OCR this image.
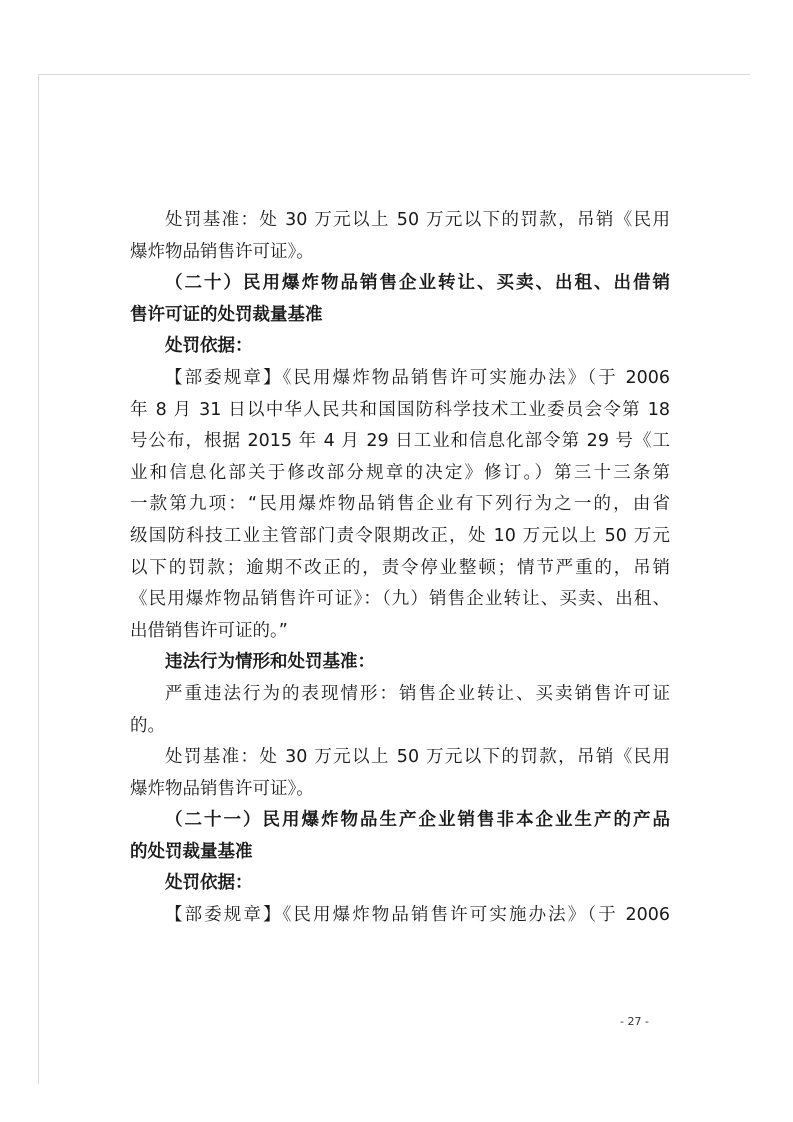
处罚基准：处 30 万元以上 50 万元以下的罚款，吊销《民用
爆炸物品销售许可证》。
（二十）民用爆炸物品销售企业转让、买卖、出租、出借销
售许可证的处罚裁量基准
处罚依据：
【部委规章】《民用爆炸物品销售许可实施办法》（于 2006
年 8 月 31 日以中华人民共和国国防科学技术工业委员会令第 18
号公布，根据 2015 年 4 月 29 日工业和信息化部令第 29 号《工
业和信息化部关于修改部分规章的决定》修订。）第三十三条第
一款第九项：“民用爆炸物品销售企业有下列行为之一的，由省
级国防科技工业主管部门责令限期改正，处 10 万元以上 50 万元
以下的罚款；逾期不改正的，责令停业整顿；情节严重的，吊销
《民用爆炸物品销售许可证》：（九）销售企业转让、买卖、出租、
出借销售许可证的。”
违法行为情形和处罚基准：
严重违法行为的表现情形：销售企业转让、买卖销售许可证
的。
处罚基准：处 30 万元以上 50 万元以下的罚款，吊销《民用
爆炸物品销售许可证》。
（二十一）民用爆炸物品生产企业销售非本企业生产的产品
的处罚裁量基准
处罚依据：
【部委规章】《民用爆炸物品销售许可实施办法》（于 2006
- 27 -
